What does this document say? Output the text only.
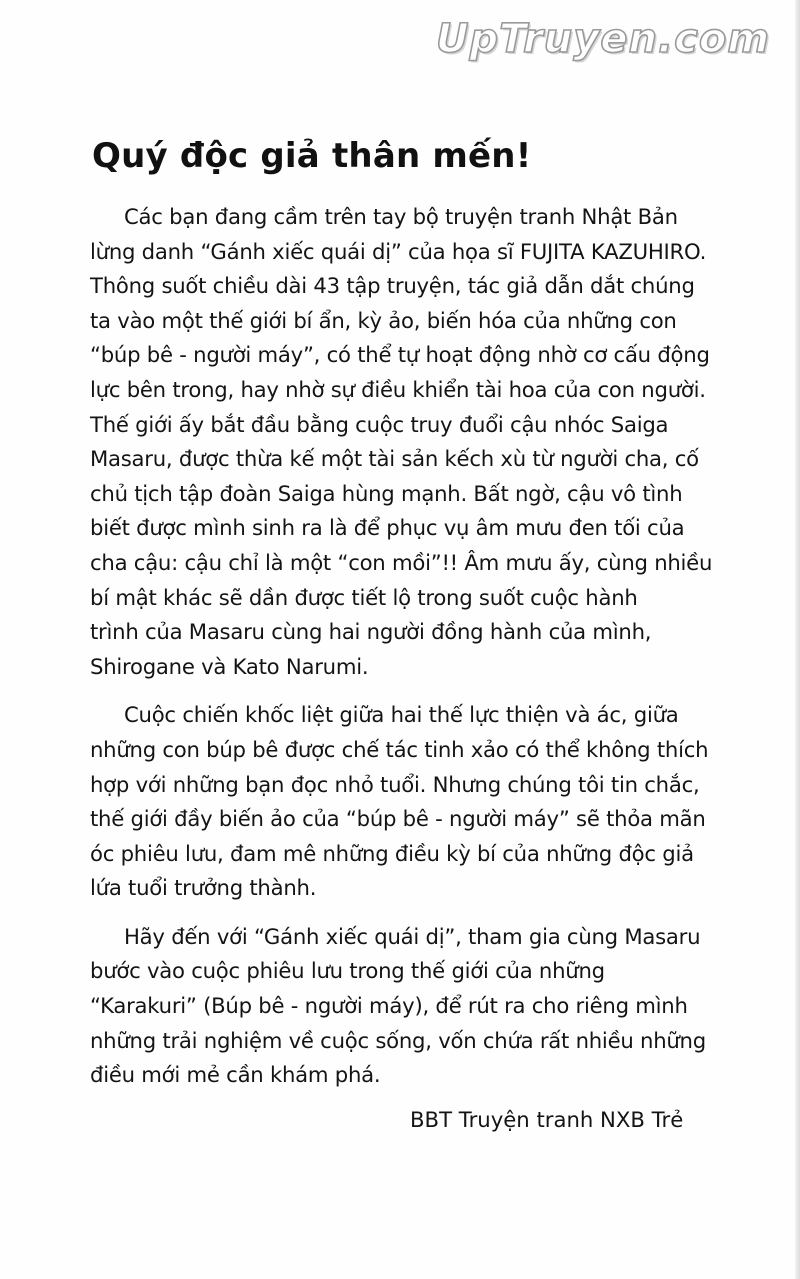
UpTruyen.com
Quý độc giả thân mến!

Các bạn đang cầm trên tay bộ truyện tranh Nhật Bản
lừng danh “Gánh xiếc quái dị” của họa sĩ FUJITA KAZUHIRO.
Thông suốt chiều dài 43 tập truyện, tác giả dẫn dắt chúng
ta vào một thế giới bí ẩn, kỳ ảo, biến hóa của những con
“búp bê - người máy”, có thể tự hoạt động nhờ cơ cấu động
lực bên trong, hay nhờ sự điều khiển tài hoa của con người.
Thế giới ấy bắt đầu bằng cuộc truy đuổi cậu nhóc Saiga
Masaru, được thừa kế một tài sản kếch xù từ người cha, cố
chủ tịch tập đoàn Saiga hùng mạnh. Bất ngờ, cậu vô tình
biết được mình sinh ra là để phục vụ âm mưu đen tối của
cha cậu: cậu chỉ là một “con mồi”!! Âm mưu ấy, cùng nhiều
bí mật khác sẽ dần được tiết lộ trong suốt cuộc hành
trình của Masaru cùng hai người đồng hành của mình,
Shirogane và Kato Narumi.

Cuộc chiến khốc liệt giữa hai thế lực thiện và ác, giữa
những con búp bê được chế tác tinh xảo có thể không thích
hợp với những bạn đọc nhỏ tuổi. Nhưng chúng tôi tin chắc,
thế giới đầy biến ảo của “búp bê - người máy” sẽ thỏa mãn
óc phiêu lưu, đam mê những điều kỳ bí của những độc giả
lứa tuổi trưởng thành.

Hãy đến với “Gánh xiếc quái dị”, tham gia cùng Masaru
bước vào cuộc phiêu lưu trong thế giới của những
“Karakuri” (Búp bê - người máy), để rút ra cho riêng mình
những trải nghiệm về cuộc sống, vốn chứa rất nhiều những
điều mới mẻ cần khám phá.

BBT Truyện tranh NXB Trẻ
